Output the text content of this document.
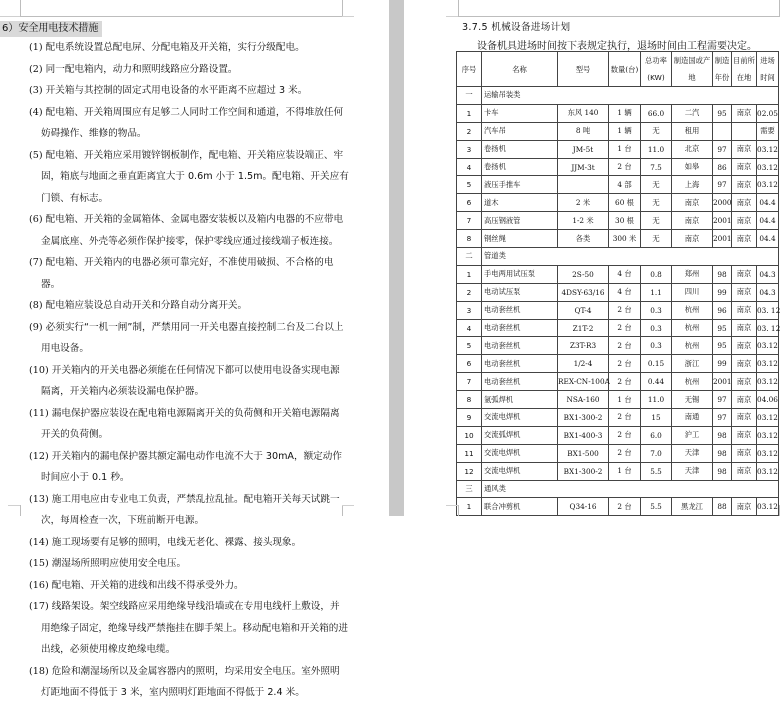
6）安全用电技术措施
(1) 配电系统设置总配电屏、分配电箱及开关箱，实行分级配电。
(2) 同一配电箱内，动力和照明线路应分路设置。
(3) 开关箱与其控制的固定式用电设备的水平距离不应超过 3 米。
(4) 配电箱、开关箱周围应有足够二人同时工作空间和通道，不得堆放任何妨碍操作、维修的物品。
(5) 配电箱、开关箱应采用镀锌钢板制作，配电箱、开关箱应装设端正、牢固，箱底与地面之垂直距离宜大于 0.6m 小于 1.5m。配电箱、开关应有门锁、有标志。
(6) 配电箱、开关箱的金属箱体、金属电器安装板以及箱内电器的不应带电金属底座、外壳等必须作保护接零，保护零线应通过接线端子板连接。
(7) 配电箱、开关箱内的电器必须可靠完好，不准使用破损、不合格的电器。
(8) 配电箱应装设总自动开关和分路自动分离开关。
(9) 必须实行“一机一闸”制，严禁用同一开关电器直接控制二台及二台以上用电设备。
(10) 开关箱内的开关电器必须能在任何情况下都可以使用电设备实现电源隔离，开关箱内必须装设漏电保护器。
(11) 漏电保护器应装设在配电箱电源隔离开关的负荷侧和开关箱电源隔离开关的负荷侧。
(12) 开关箱内的漏电保护器其额定漏电动作电流不大于 30mA，额定动作时间应小于 0.1 秒。
(13) 施工用电应由专业电工负责，严禁乱拉乱扯。配电箱开关每天试跳一次，每周检查一次，下班前断开电源。
(14) 施工现场要有足够的照明，电线无老化、裸露、接头现象。
(15) 潮湿场所照明应使用安全电压。
(16) 配电箱、开关箱的进线和出线不得承受外力。
(17) 线路架设。架空线路应采用绝缘导线沿墙或在专用电线杆上敷设，并用绝缘子固定，绝缘导线严禁拖挂在脚手架上。移动配电箱和开关箱的进出线，必须使用橡皮绝缘电缆。
(18) 危险和潮湿场所以及金属容器内的照明，均采用安全电压。室外照明灯距地面不得低于 3 米，室内照明灯距地面不得低于 2.4 米。
3.7.5 机械设备进场计划
设备机具进场时间按下表规定执行，退场时间由工程需要决定。
序号	名称	型号	数量(台)	总功率(KW)	制造国或产地	制造年份	目前所在地	进场时间
一	运输吊装类							
1	卡车	东风 140	1 辆	66.0	二汽	95	南京	02.05
2	汽车吊	8 吨	1 辆	无	租用			需要
3	卷扬机	JM-5t	1 台	11.0	北京	97	南京	03.12
4	卷扬机	JJM-3t	2 台	7.5	如皋	86	南京	03.12
5	液压手推车		4 部	无	上海	97	南京	03.12
6	道木	2 米	60 根	无	南京	2000	南京	04.4
7	高压钢液管	1-2 米	30 根	无	南京	2001	南京	04.4
8	钢丝绳	各类	300 米	无	南京	2001	南京	04.4
二	管道类							
1	手电两用试压泵	2S-50	4 台	0.8	郑州	98	南京	04.3
2	电动试压泵	4DSY-63/16	4 台	1.1	四川	99	南京	04.3
3	电动套丝机	QT-4	2 台	0.3	杭州	96	南京	03. 12
4	电动套丝机	Z1T-2	2 台	0.3	杭州	95	南京	03. 12
5	电动套丝机	Z3T-R3	2 台	0.3	杭州	95	南京	03.12
6	电动套丝机	1/2-4	2 台	0.15	浙江	99	南京	03.12
7	电动套丝机	REX-CN-100A	2 台	0.44	杭州	2001	南京	03.12
8	氩弧焊机	NSA-160	1 台	11.0	无锡	97	南京	04.06
9	交流电焊机	BX1-300-2	2 台	15	南通	97	南京	03.12
10	交流弧焊机	BX1-400-3	2 台	6.0	沪工	98	南京	03.12
11	交流电焊机	BX1-500	2 台	7.0	天津	98	南京	03.12
12	交流电焊机	BX1-300-2	1 台	5.5	天津	98	南京	03.12
三	通风类							
1	联合冲剪机	Q34-16	2 台	5.5	黑龙江	88	南京	03.12
